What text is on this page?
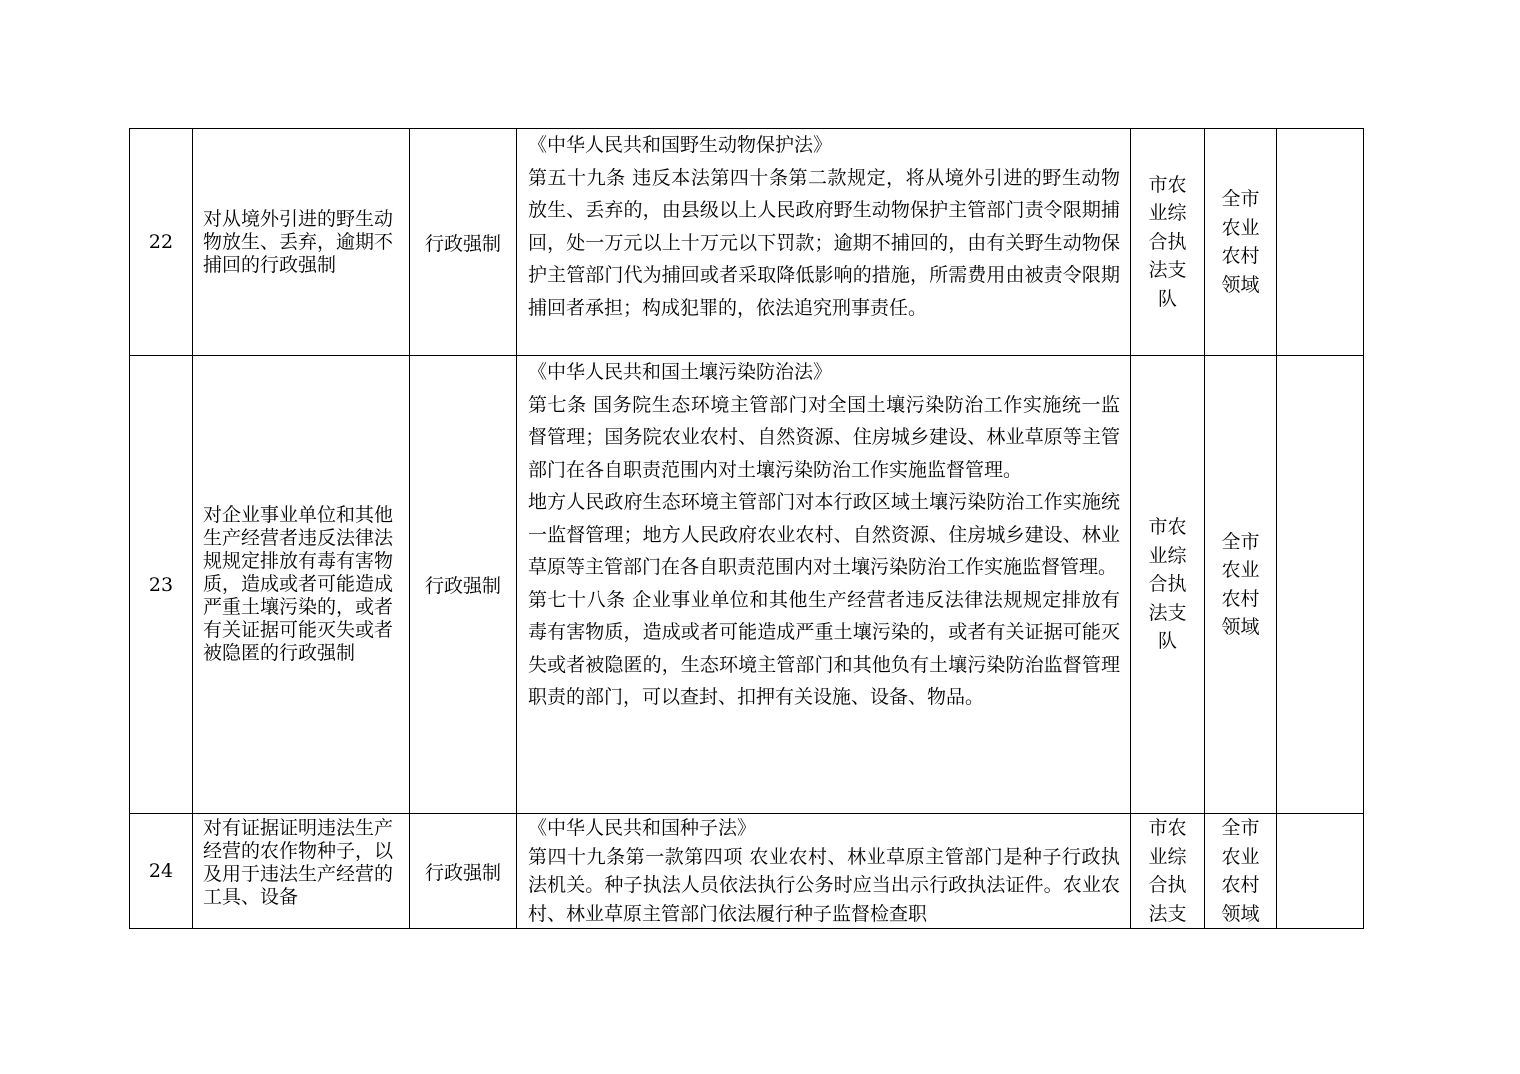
22	对从境外引进的野生动物放生、丢弃，逾期不捕回的行政强制	行政强制	《中华人民共和国野生动物保护法》

第五十九条 违反本法第四十条第二款规定，将从境外引进的野生动物放生、丢弃的，由县级以上人民政府野生动物保护主管部门责令限期捕回，处一万元以上十万元以下罚款；逾期不捕回的，由有关野生动物保护主管部门代为捕回或者采取降低影响的措施，所需费用由被责令限期捕回者承担；构成犯罪的，依法追究刑事责任。	市农业综合执法支队	全市农业农村领域	

23	对企业事业单位和其他生产经营者违反法律法规规定排放有毒有害物质，造成或者可能造成严重土壤污染的，或者有关证据可能灭失或者被隐匿的行政强制	行政强制	《中华人民共和国土壤污染防治法》

第七条 国务院生态环境主管部门对全国土壤污染防治工作实施统一监督管理；国务院农业农村、自然资源、住房城乡建设、林业草原等主管部门在各自职责范围内对土壤污染防治工作实施监督管理。

地方人民政府生态环境主管部门对本行政区域土壤污染防治工作实施统一监督管理；地方人民政府农业农村、自然资源、住房城乡建设、林业草原等主管部门在各自职责范围内对土壤污染防治工作实施监督管理。

第七十八条 企业事业单位和其他生产经营者违反法律法规规定排放有毒有害物质，造成或者可能造成严重土壤污染的，或者有关证据可能灭失或者被隐匿的，生态环境主管部门和其他负有土壤污染防治监督管理职责的部门，可以查封、扣押有关设施、设备、物品。	市农业综合执法支队	全市农业农村领域	

24	对有证据证明违法生产经营的农作物种子，以及用于违法生产经营的工具、设备	行政强制	《中华人民共和国种子法》

第四十九条第一款第四项 农业农村、林业草原主管部门是种子行政执法机关。种子执法人员依法执行公务时应当出示行政执法证件。农业农村、林业草原主管部门依法履行种子监督检查职	市农业综合执法支	全市农业农村领域	
